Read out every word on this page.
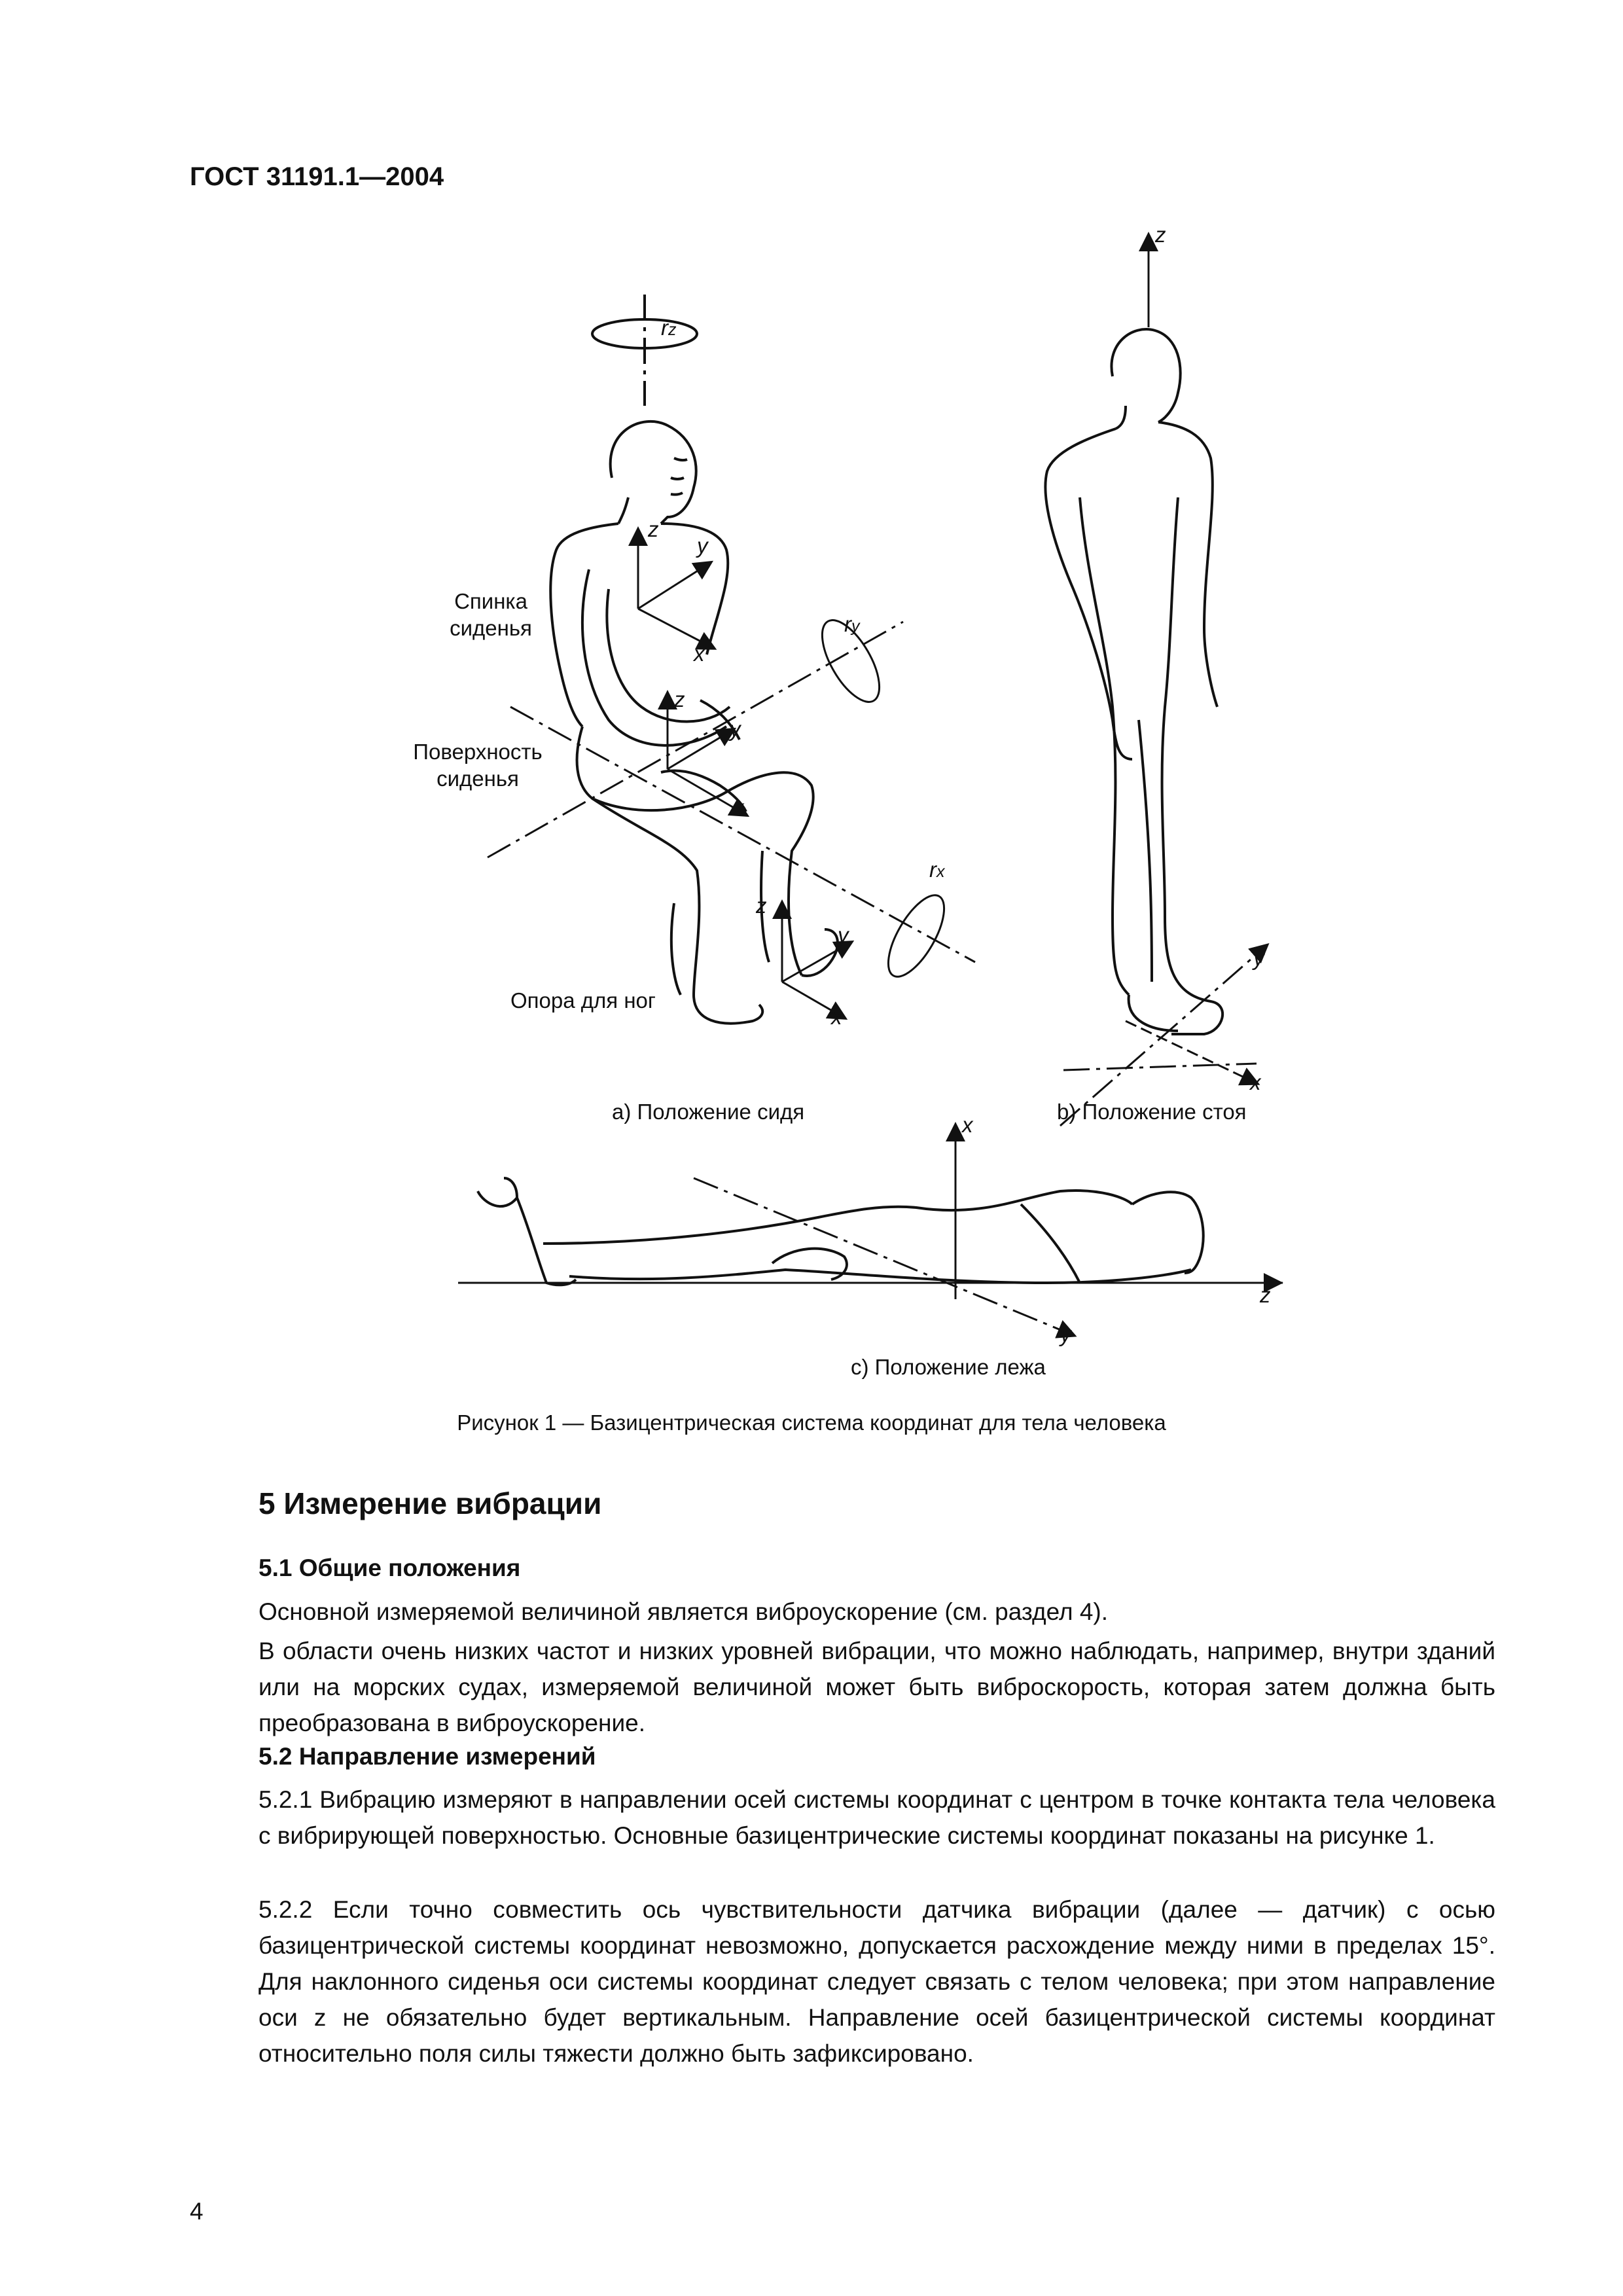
ГОСТ 31191.1—2004
Спинка
сиденья
Поверхность
сиденья
Опора для ног
rz
z
y
x
ry
z
y
x
rx
z
y
x
z
y
x
x
z
y
а) Положение сидя	b) Положение стоя
с) Положение лежа
Рисунок 1 — Базицентрическая система координат для тела человека
5 Измерение вибрации
5.1 Общие положения
Основной измеряемой величиной является виброускорение (см. раздел 4).
В области очень низких частот и низких уровней вибрации, что можно наблюдать, например, внутри зданий или на морских судах, измеряемой величиной может быть виброскорость, которая затем должна быть преобразована в виброускорение.
5.2 Направление измерений
5.2.1 Вибрацию измеряют в направлении осей системы координат с центром в точке контакта тела человека с вибрирующей поверхностью. Основные базицентрические системы координат показаны на рисунке 1.
5.2.2 Если точно совместить ось чувствительности датчика вибрации (далее — датчик) с осью базицентрической системы координат невозможно, допускается расхождение между ними в пределах 15°. Для наклонного сиденья оси системы координат следует связать с телом человека; при этом направление оси z не обязательно будет вертикальным. Направление осей базицентрической системы координат относительно поля силы тяжести должно быть зафиксировано.
4
